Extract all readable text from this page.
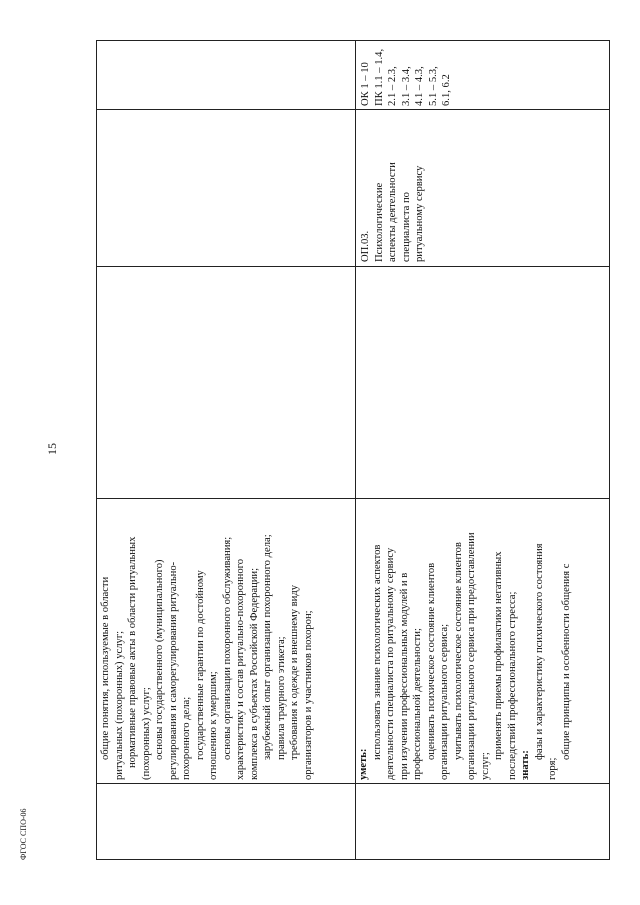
15

общие понятия, используемые в области ритуальных (похоронных) услуг; нормативные правовые акты в области ритуальных (похоронных) услуг; основы государственного (муниципального) регулирования и саморегулирования ритуально- похоронного дела; государственные гарантии по достойному отношению к умершим; основы организации похоронного обслуживания; характеристику и состав ритуально-похоронного комплекса в субъектах Российской Федерации; зарубежный опыт организации похоронного дела; правила траурного этикета; требования к одежде и внешнему виду организаторов и участников похорон;	уметь:

использовать знание психологических аспектов деятельности специалиста по ритуальному сервису при изучении профессиональных модулей и в профессиональной деятельности; оценивать психическое состояние клиентов организации ритуального сервиса; учитывать психологическое состояние клиентов организации ритуального сервиса при предоставлении услуг;

применять приемы профилактики негативных последствий профессионального стресса; знать:

фазы и характеристику психического состояния

горя;

общие принципы и особенности общения с

ОП.03. Психологические аспекты деятельности специалиста по ритуальному сервису

ОК 1 – 10 ПК 1.1 – 1.4, 2.1 – 2.3, 3.1 – 3.4, 4.1 – 4.3, 5.1 – 5.3, 6.1, 6.2

ФГОС СПО-06
